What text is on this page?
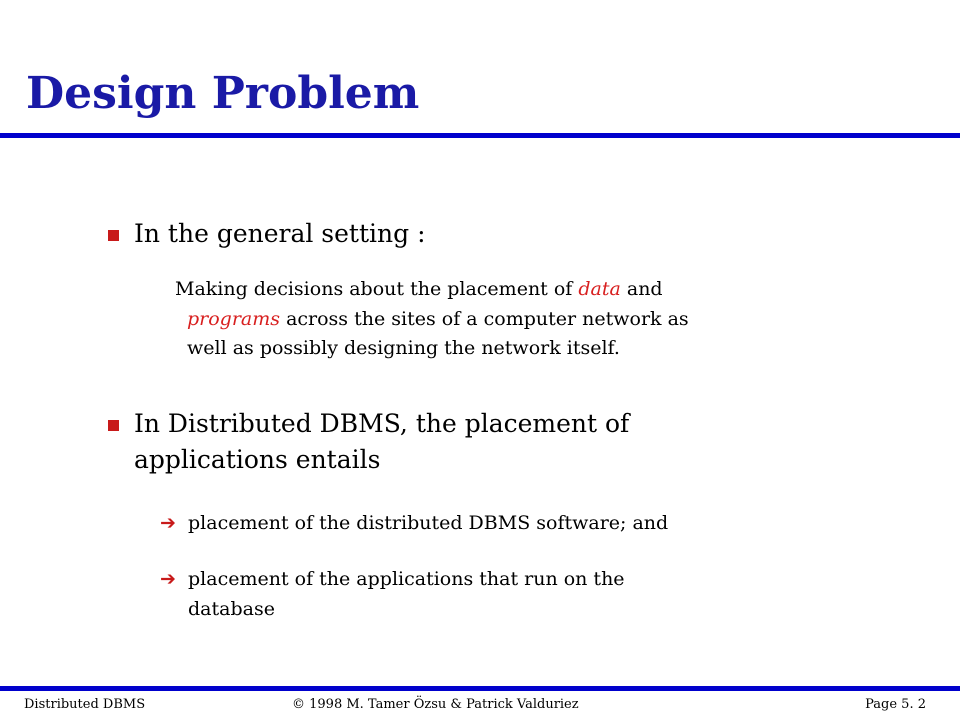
Design Problem
In the general setting :
Making decisions about the placement of data and
programs across the sites of a computer network as
well as possibly designing the network itself.
In Distributed DBMS, the placement of
applications entails
➔ placement of the distributed DBMS software; and
➔ placement of the applications that run on the
database
Distributed DBMS	© 1998 M. Tamer Özsu & Patrick Valduriez	Page 5. 2
